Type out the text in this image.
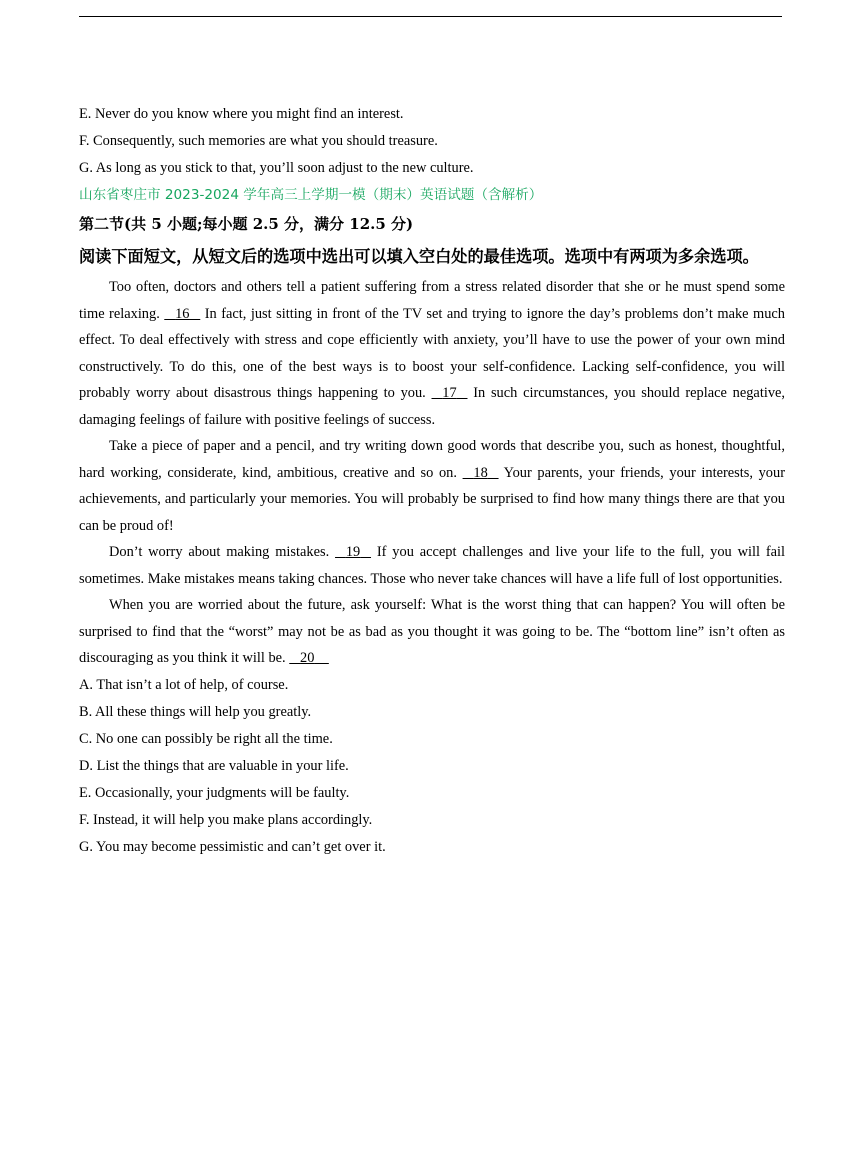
E. Never do you know where you might find an interest.
F. Consequently, such memories are what you should treasure.
G. As long as you stick to that, you’ll soon adjust to the new culture.
山东省枣庄市 2023-2024 学年高三上学期一模（期末）英语试题（含解析）
第二节(共 5 小题;每小题 2.5 分，满分 12.5 分)
阅读下面短文，从短文后的选项中选出可以填入空白处的最佳选项。选项中有两项为多余选项。

Too often, doctors and others tell a patient suffering from a stress related disorder that she or he must spend some time relaxing.    16    In fact, just sitting in front of the TV set and trying to ignore the day’s problems don’t make much effect. To deal effectively with stress and cope efficiently with anxiety, you’ll have to use the power of your own mind constructively. To do this, one of the best ways is to boost your self-confidence. Lacking self-confidence, you will probably worry about disastrous things happening to you.    17    In such circumstances, you should replace negative, damaging feelings of failure with positive feelings of success.

Take a piece of paper and a pencil, and try writing down good words that describe you, such as honest, thoughtful, hard working, considerate, kind, ambitious, creative and so on.    18    Your parents, your friends, your interests, your achievements, and particularly your memories. You will probably be surprised to find how many things there are that you can be proud of!

Don’t worry about making mistakes.    19    If you accept challenges and live your life to the full, you will fail sometimes. Make mistakes means taking chances. Those who never take chances will have a life full of lost opportunities.

When you are worried about the future, ask yourself: What is the worst thing that can happen? You will often be surprised to find that the “worst” may not be as bad as you thought it was going to be. The “bottom line” isn’t often as discouraging as you think it will be.    20

A. That isn’t a lot of help, of course.
B. All these things will help you greatly.
C. No one can possibly be right all the time.
D. List the things that are valuable in your life.
E. Occasionally, your judgments will be faulty.
F. Instead, it will help you make plans accordingly.
G. You may become pessimistic and can’t get over it.
